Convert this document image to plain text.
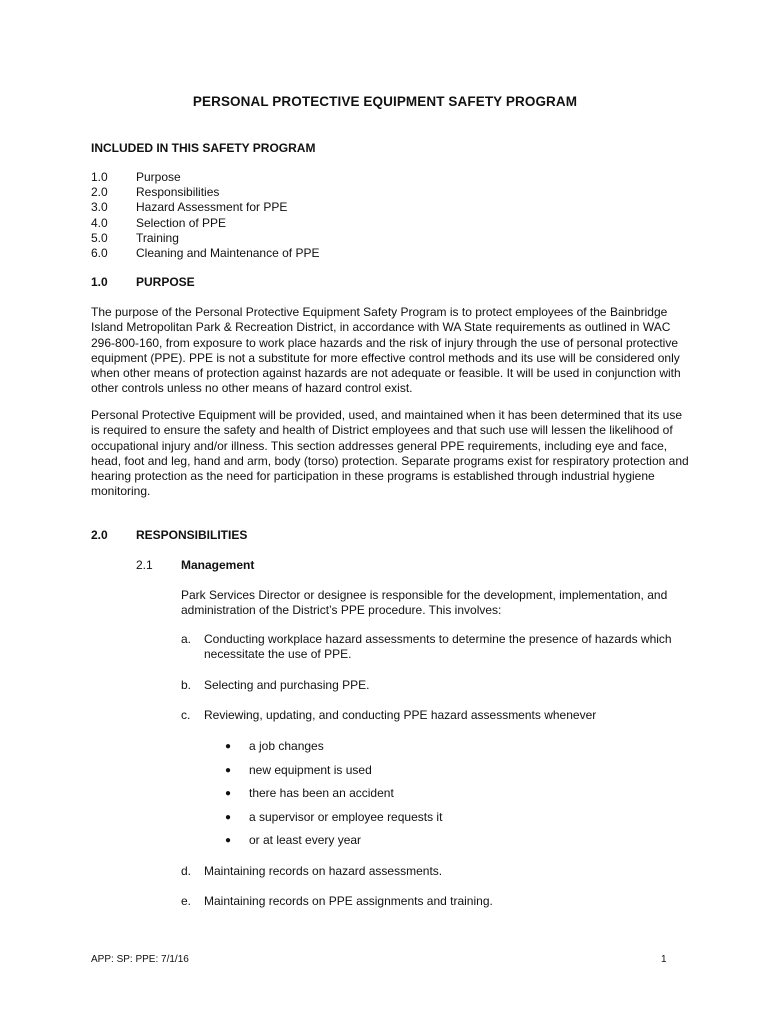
PERSONAL PROTECTIVE EQUIPMENT SAFETY PROGRAM
INCLUDED IN THIS SAFETY PROGRAM
1.0	Purpose
2.0	Responsibilities
3.0	Hazard Assessment for PPE
4.0	Selection of PPE
5.0	Training
6.0	Cleaning and Maintenance of PPE
1.0	PURPOSE
The purpose of the Personal Protective Equipment Safety Program is to protect employees of the Bainbridge Island Metropolitan Park & Recreation District, in accordance with WA State requirements as outlined in WAC 296-800-160, from exposure to work place hazards and the risk of injury through the use of personal protective equipment (PPE). PPE is not a substitute for more effective control methods and its use will be considered only when other means of protection against hazards are not adequate or feasible. It will be used in conjunction with other controls unless no other means of hazard control exist.
Personal Protective Equipment will be provided, used, and maintained when it has been determined that its use is required to ensure the safety and health of District employees and that such use will lessen the likelihood of occupational injury and/or illness. This section addresses general PPE requirements, including eye and face, head, foot and leg, hand and arm, body (torso) protection. Separate programs exist for respiratory protection and hearing protection as the need for participation in these programs is established through industrial hygiene monitoring.
2.0	RESPONSIBILITIES
2.1	Management
Park Services Director or designee is responsible for the development, implementation, and administration of the District’s PPE procedure. This involves:
a.	Conducting workplace hazard assessments to determine the presence of hazards which necessitate the use of PPE.
b.	Selecting and purchasing PPE.
c.	Reviewing, updating, and conducting PPE hazard assessments whenever
●	a job changes
●	new equipment is used
●	there has been an accident
●	a supervisor or employee requests it
●	or at least every year
d.	Maintaining records on hazard assessments.
e.	Maintaining records on PPE assignments and training.
APP: SP: PPE: 7/1/16	1
